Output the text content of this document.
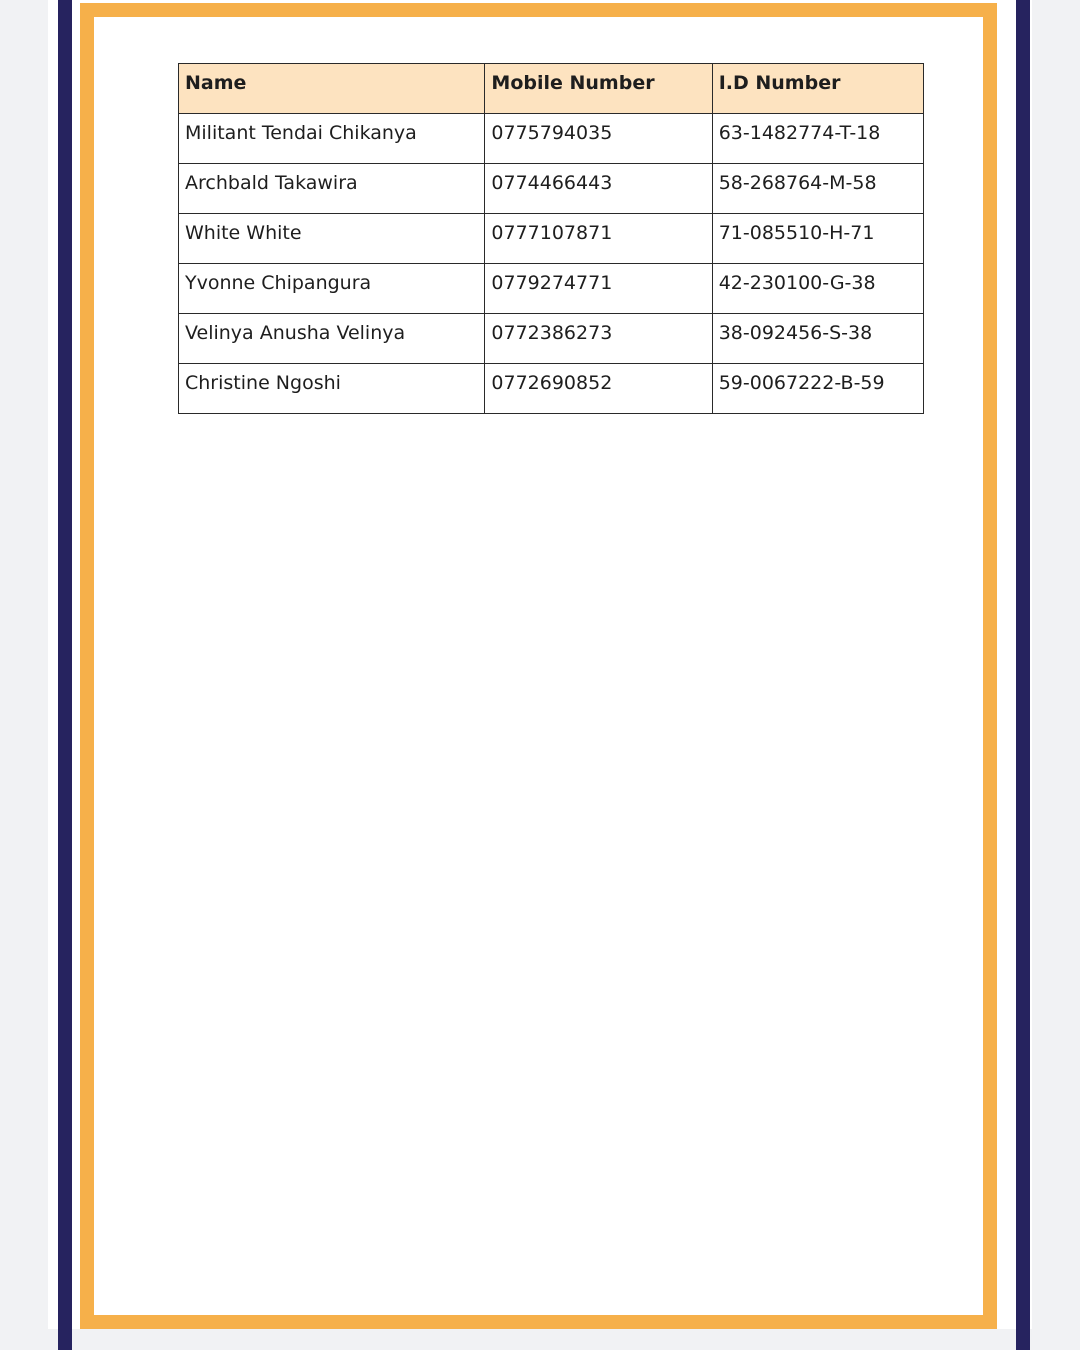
Name	Mobile Number	I.D Number
Militant Tendai Chikanya	0775794035	63-1482774-T-18
Archbald Takawira	0774466443	58-268764-M-58
White White	0777107871	71-085510-H-71
Yvonne Chipangura	0779274771	42-230100-G-38
Velinya Anusha Velinya	0772386273	38-092456-S-38
Christine Ngoshi	0772690852	59-0067222-B-59
